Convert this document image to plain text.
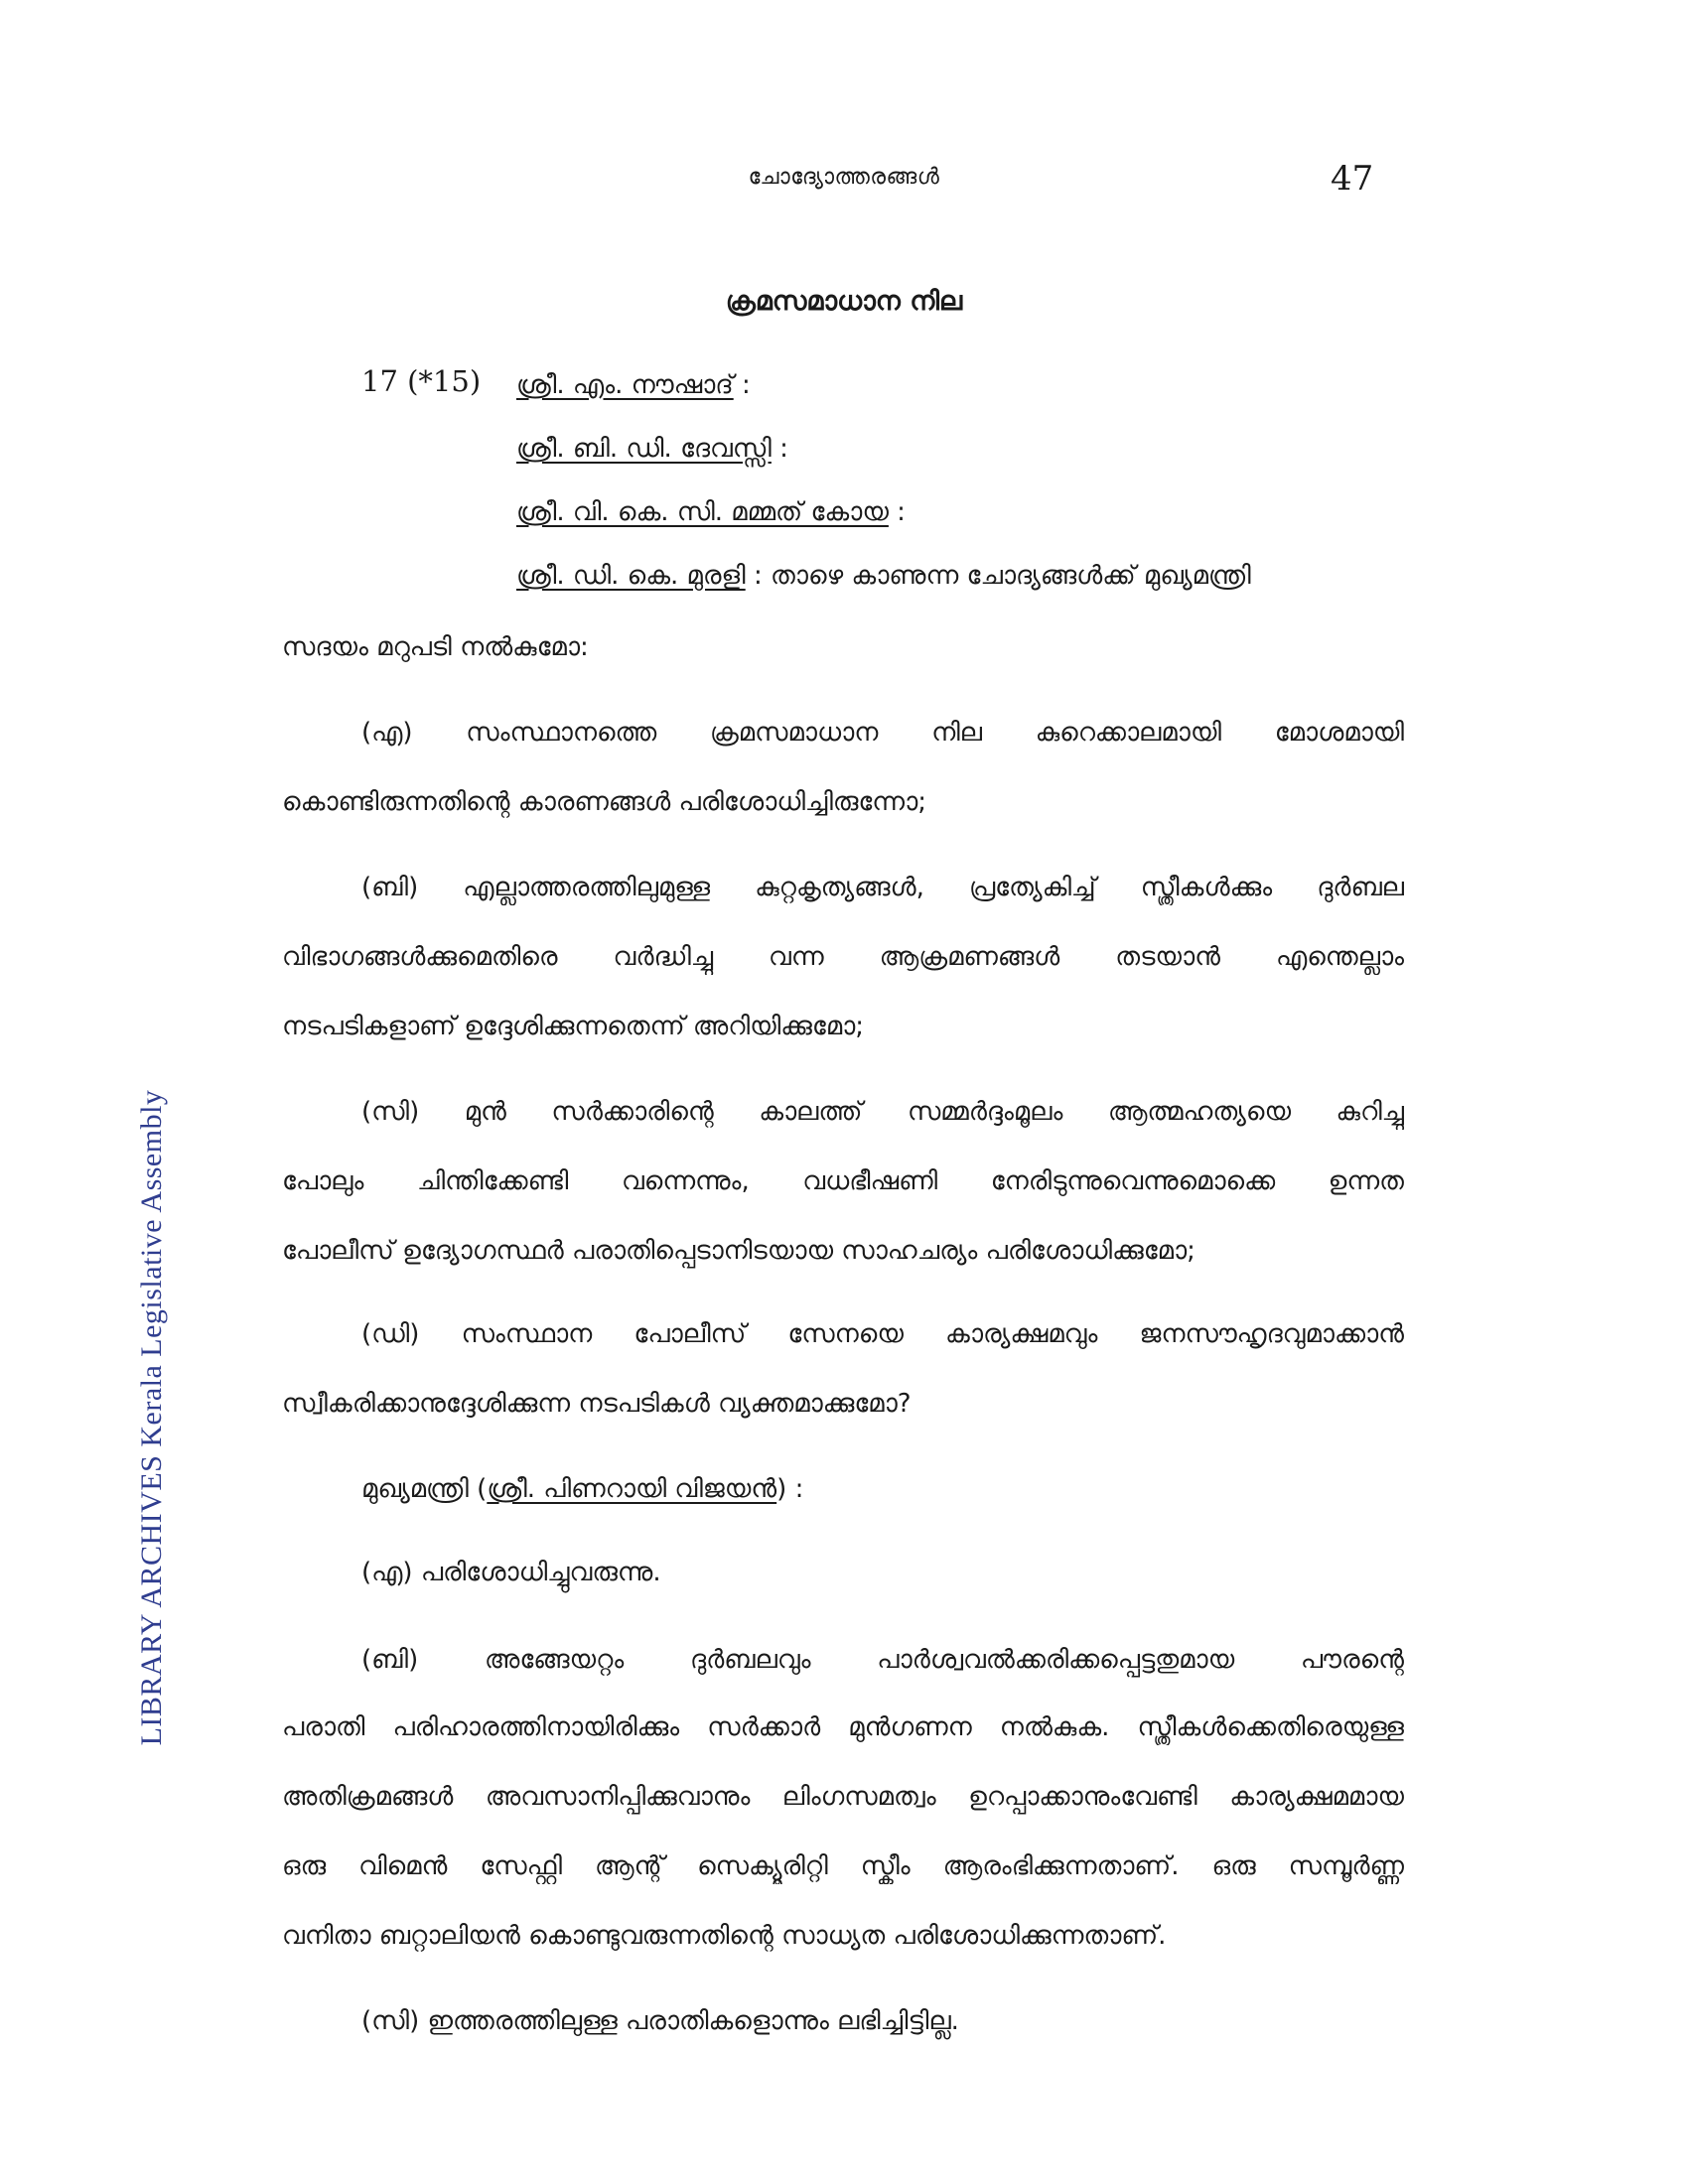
ചോദ്യോത്തരങ്ങൾ	47
LIBRARY ARCHIVES Kerala Legislative Assembly
ക്രമസമാധാന നില
17 (*15) ശ്രീ. എം. നൗഷാദ് :
ശ്രീ. ബി. ഡി. ദേവസ്സി :
ശ്രീ. വി. കെ. സി. മമ്മത് കോയ :
ശ്രീ. ഡി. കെ. മുരളി : താഴെ കാണുന്ന ചോദ്യങ്ങൾക്ക് മുഖ്യമന്ത്രി
സദയം മറുപടി നൽകുമോ:
(എ) സംസ്ഥാനത്തെ ക്രമസമാധാന നില കുറെക്കാലമായി മോശമായി
കൊണ്ടിരുന്നതിന്റെ കാരണങ്ങൾ പരിശോധിച്ചിരുന്നോ;
(ബി) എല്ലാത്തരത്തിലുമുള്ള കുറ്റകൃത്യങ്ങൾ, പ്രത്യേകിച്ച് സ്ത്രീകൾക്കും ദുർബല
വിഭാഗങ്ങൾക്കുമെതിരെ വർദ്ധിച്ചു വന്ന ആക്രമണങ്ങൾ തടയാൻ എന്തെല്ലാം
നടപടികളാണ് ഉദ്ദേശിക്കുന്നതെന്ന് അറിയിക്കുമോ;
(സി) മുൻ സർക്കാരിന്റെ കാലത്ത് സമ്മർദ്ദംമൂലം ആത്മഹത്യയെ കുറിച്ചു
പോലും ചിന്തിക്കേണ്ടി വന്നെന്നും, വധഭീഷണി നേരിടുന്നുവെന്നുമൊക്കെ ഉന്നത
പോലീസ് ഉദ്യോഗസ്ഥർ പരാതിപ്പെടാനിടയായ സാഹചര്യം പരിശോധിക്കുമോ;
(ഡി) സംസ്ഥാന പോലീസ് സേനയെ കാര്യക്ഷമവും ജനസൗഹൃദവുമാക്കാൻ
സ്വീകരിക്കാനുദ്ദേശിക്കുന്ന നടപടികൾ വ്യക്തമാക്കുമോ?
മുഖ്യമന്ത്രി (ശ്രീ. പിണറായി വിജയൻ) :
(എ) പരിശോധിച്ചുവരുന്നു.
(ബി) അങ്ങേയറ്റം ദുർബലവും പാർശ്വവൽക്കരിക്കപ്പെട്ടതുമായ പൗരന്റെ
പരാതി പരിഹാരത്തിനായിരിക്കും സർക്കാർ മുൻഗണന നൽകുക. സ്ത്രീകൾക്കെതിരെയുള്ള
അതിക്രമങ്ങൾ അവസാനിപ്പിക്കുവാനും ലിംഗസമത്വം ഉറപ്പാക്കാനുംവേണ്ടി കാര്യക്ഷമമായ
ഒരു വിമെൻ സേഫ്റ്റി ആന്റ് സെക്യൂരിറ്റി സ്കീം ആരംഭിക്കുന്നതാണ്. ഒരു സമ്പൂർണ്ണ
വനിതാ ബറ്റാലിയൻ കൊണ്ടുവരുന്നതിന്റെ സാധ്യത പരിശോധിക്കുന്നതാണ്.
(സി) ഇത്തരത്തിലുള്ള പരാതികളൊന്നും ലഭിച്ചിട്ടില്ല.
